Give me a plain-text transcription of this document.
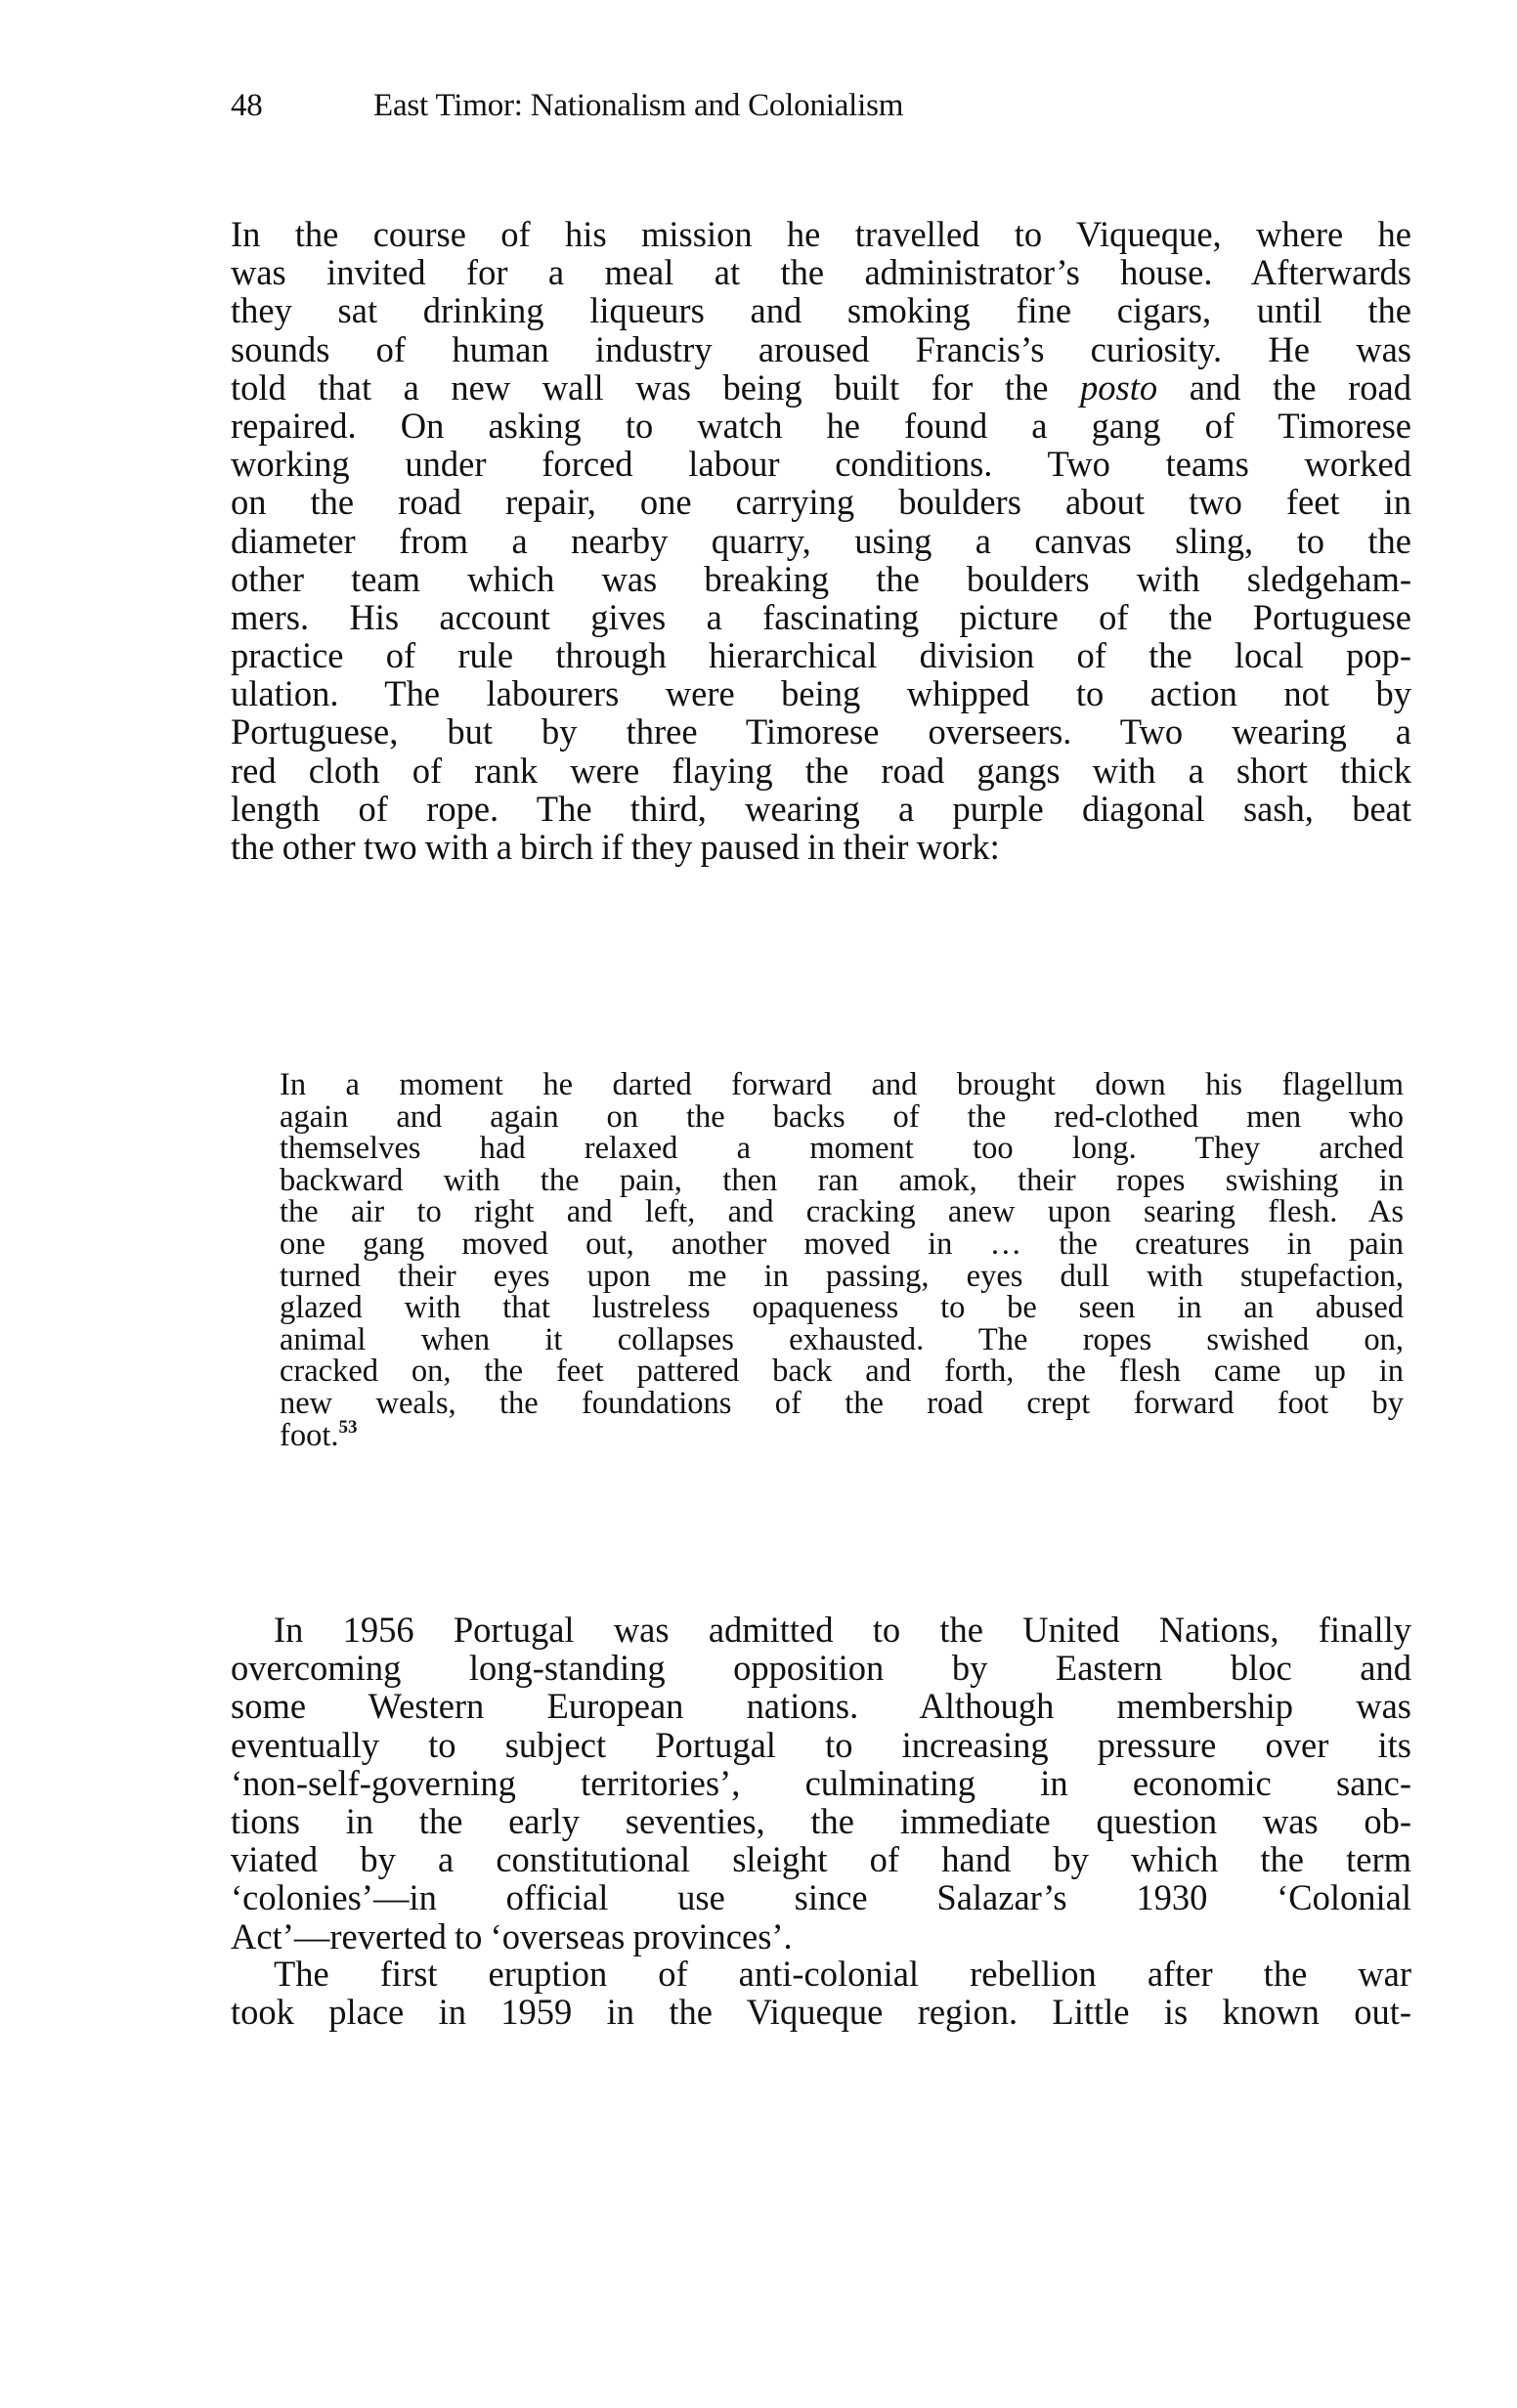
48	East Timor: Nationalism and Colonialism

In the course of his mission he travelled to Viqueque, where he
was invited for a meal at the administrator’s house. Afterwards
they sat drinking liqueurs and smoking fine cigars, until the
sounds of human industry aroused Francis’s curiosity. He was
told that a new wall was being built for the posto and the road
repaired. On asking to watch he found a gang of Timorese
working under forced labour conditions. Two teams worked
on the road repair, one carrying boulders about two feet in
diameter from a nearby quarry, using a canvas sling, to the
other team which was breaking the boulders with sledgeham-
mers. His account gives a fascinating picture of the Portuguese
practice of rule through hierarchical division of the local pop-
ulation. The labourers were being whipped to action not by
Portuguese, but by three Timorese overseers. Two wearing a
red cloth of rank were flaying the road gangs with a short thick
length of rope. The third, wearing a purple diagonal sash, beat
the other two with a birch if they paused in their work:

In a moment he darted forward and brought down his flagellum
again and again on the backs of the red-clothed men who
themselves had relaxed a moment too long. They arched
backward with the pain, then ran amok, their ropes swishing in
the air to right and left, and cracking anew upon searing flesh. As
one gang moved out, another moved in … the creatures in pain
turned their eyes upon me in passing, eyes dull with stupefaction,
glazed with that lustreless opaqueness to be seen in an abused
animal when it collapses exhausted. The ropes swished on,
cracked on, the feet pattered back and forth, the flesh came up in
new weals, the foundations of the road crept forward foot by
foot.$^{53}$

In 1956 Portugal was admitted to the United Nations, finally
overcoming long-standing opposition by Eastern bloc and
some Western European nations. Although membership was
eventually to subject Portugal to increasing pressure over its
‘non-self-governing territories’, culminating in economic sanc-
tions in the early seventies, the immediate question was ob-
viated by a constitutional sleight of hand by which the term
‘colonies’—in official use since Salazar’s 1930 ‘Colonial
Act’—reverted to ‘overseas provinces’.

The first eruption of anti-colonial rebellion after the war
took place in 1959 in the Viqueque region. Little is known out-
